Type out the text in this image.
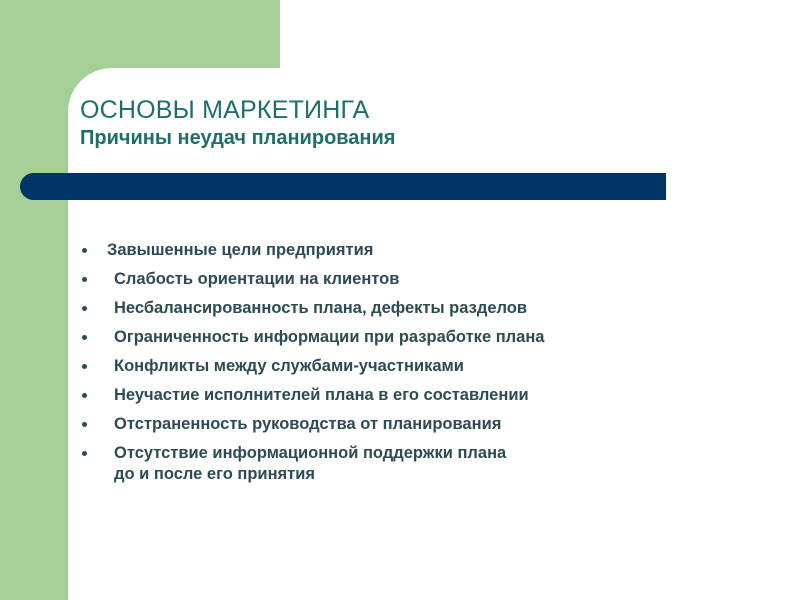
ОСНОВЫ МАРКЕТИНГА
Причины неудач планирования
Завышенные цели предприятия
Слабость ориентации на клиентов
Несбалансированность плана, дефекты разделов
Ограниченность информации при разработке плана
Конфликты между службами-участниками
Неучастие исполнителей плана в его составлении
Отстраненность руководства от планирования
Отсутствие информационной поддержки плана
до и после его принятия
